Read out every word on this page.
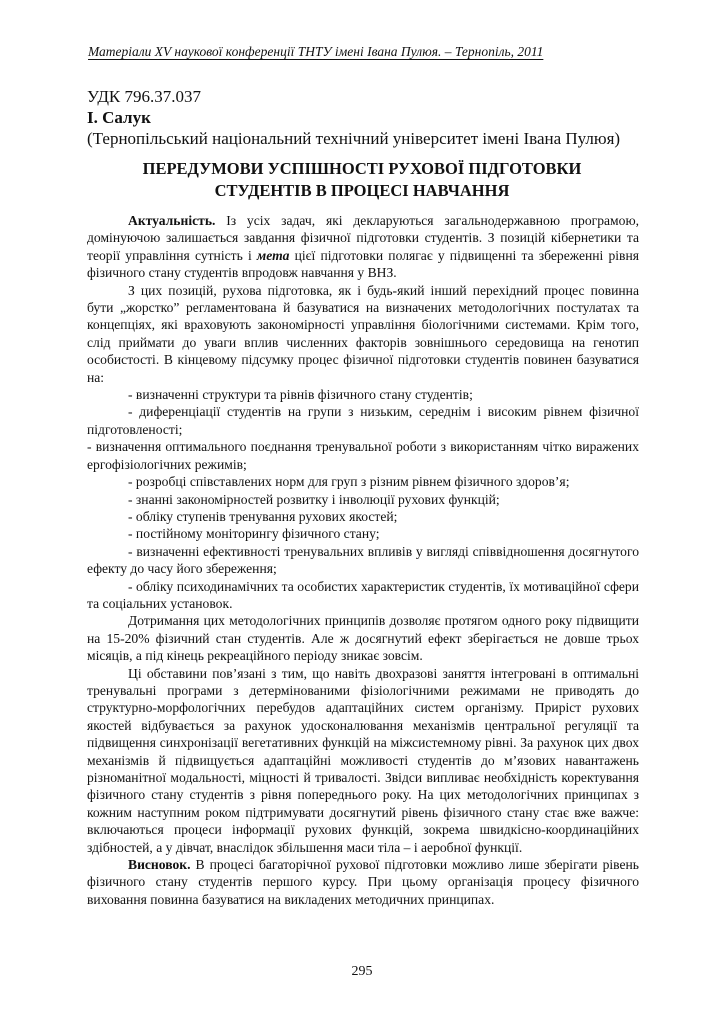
Матеріали XV наукової конференції ТНТУ імені Івана Пулюя. – Тернопіль, 2011
УДК 796.37.037
І. Салук
(Тернопільський національний технічний університет імені Івана Пулюя)
ПЕРЕДУМОВИ УСПІШНОСТІ РУХОВОЇ ПІДГОТОВКИ
СТУДЕНТІВ В ПРОЦЕСІ НАВЧАННЯ

Актуальність. Із усіх задач, які декларуються загальнодержавною програмою, домінуючою залишається завдання фізичної підготовки студентів. З позицій кібернетики та теорії управління сутність і мета цієї підготовки полягає у підвищенні та збереженні рівня фізичного стану студентів впродовж навчання у ВНЗ.

З цих позицій, рухова підготовка, як і будь-який інший перехідний процес повинна бути „жорстко” регламентована й базуватися на визначених методологічних постулатах та концепціях, які враховують закономірності управління біологічними системами. Крім того, слід приймати до уваги вплив численних факторів зовнішнього середовища на генотип особистості. В кінцевому підсумку процес фізичної підготовки студентів повинен базуватися на:

- визначенні структури та рівнів фізичного стану студентів;

- диференціації студентів на групи з низьким, середнім і високим рівнем фізичної підготовленості;

- визначення оптимального поєднання тренувальної роботи з використанням чітко виражених ергофізіологічних режимів;

- розробці співставлених норм для груп з різним рівнем фізичного здоров’я;

- знанні закономірностей розвитку і інволюції рухових функцій;

- обліку ступенів тренування рухових якостей;

- постійному моніторингу фізичного стану;

- визначенні ефективності тренувальних впливів у вигляді співвідношення досягнутого ефекту до часу його збереження;

- обліку психодинамічних та особистих характеристик студентів, їх мотиваційної сфери та соціальних установок.

Дотримання цих методологічних принципів дозволяє протягом одного року підвищити на 15-20% фізичний стан студентів. Але ж досягнутий ефект зберігається не довше трьох місяців, а під кінець рекреаційного періоду зникає зовсім.

Ці обставини пов’язані з тим, що навіть двохразові заняття інтегровані в оптимальні тренувальні програми з детермінованими фізіологічними режимами не приводять до структурно-морфологічних перебудов адаптаційних систем організму. Приріст рухових якостей відбувається за рахунок удосконалювання механізмів центральної регуляції та підвищення синхронізації вегетативних функцій на міжсистемному рівні. За рахунок цих двох механізмів й підвищується адаптаційні можливості студентів до м’язових навантажень різноманітної модальності, міцності й тривалості. Звідси випливає необхідність коректування фізичного стану студентів з рівня попереднього року. На цих методологічних принципах з кожним наступним роком підтримувати досягнутий рівень фізичного стану стає вже важче: включаються процеси інформації рухових функцій, зокрема швидкісно-координаційних здібностей, а у дівчат, внаслідок збільшення маси тіла – і аеробної функції.

Висновок. В процесі багаторічної рухової підготовки можливо лише зберігати рівень фізичного стану студентів першого курсу. При цьому організація процесу фізичного виховання повинна базуватися на викладених методичних принципах.

295
